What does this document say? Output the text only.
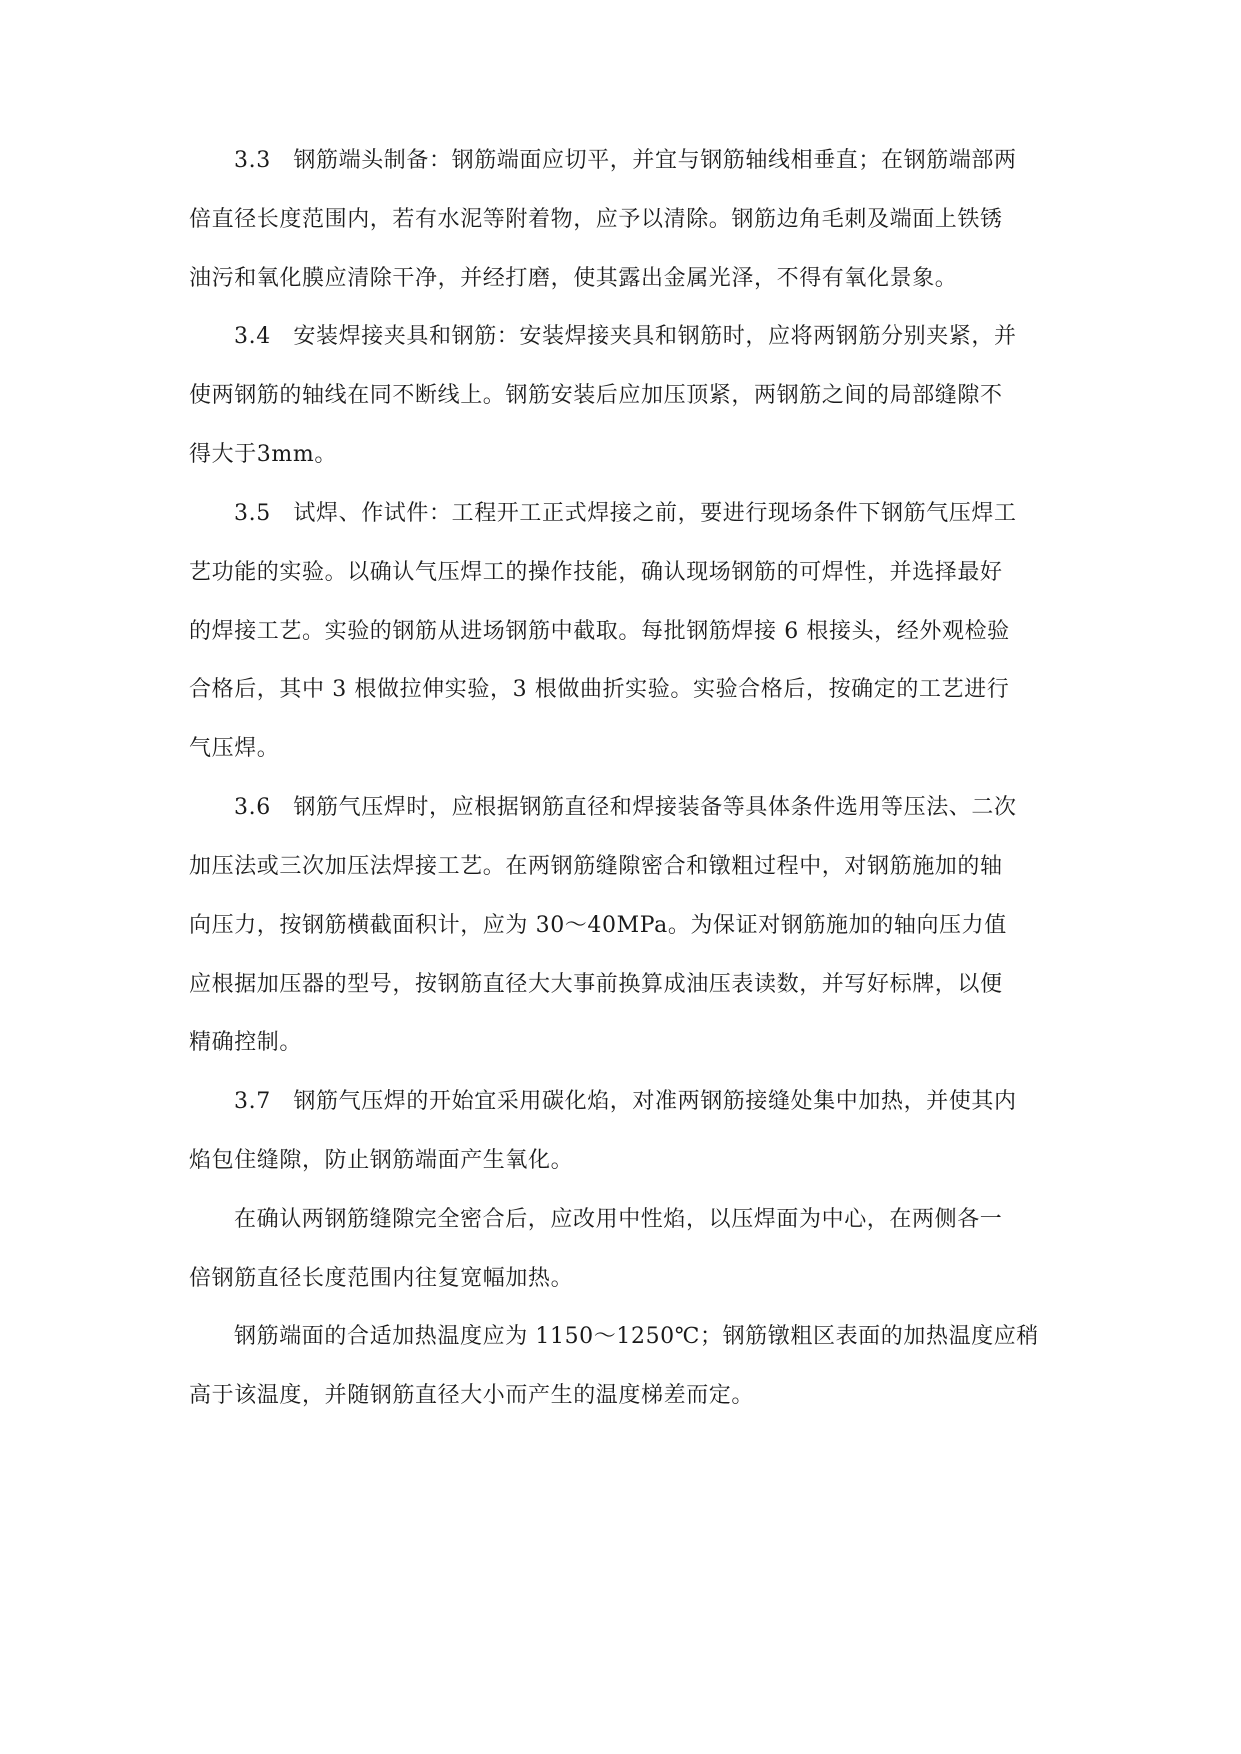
3.3　钢筋端头制备：钢筋端面应切平，并宜与钢筋轴线相垂直；在钢筋端部两
倍直径长度范围内，若有水泥等附着物，应予以清除。钢筋边角毛刺及端面上铁锈
油污和氧化膜应清除干净，并经打磨，使其露出金属光泽，不得有氧化景象。
3.4　安装焊接夹具和钢筋：安装焊接夹具和钢筋时，应将两钢筋分别夹紧，并
使两钢筋的轴线在同不断线上。钢筋安装后应加压顶紧，两钢筋之间的局部缝隙不
得大于3mm。
3.5　试焊、作试件：工程开工正式焊接之前，要进行现场条件下钢筋气压焊工
艺功能的实验。以确认气压焊工的操作技能，确认现场钢筋的可焊性，并选择最好
的焊接工艺。实验的钢筋从进场钢筋中截取。每批钢筋焊接 6 根接头，经外观检验
合格后，其中 3 根做拉伸实验，3 根做曲折实验。实验合格后，按确定的工艺进行
气压焊。
3.6　钢筋气压焊时，应根据钢筋直径和焊接装备等具体条件选用等压法、二次
加压法或三次加压法焊接工艺。在两钢筋缝隙密合和镦粗过程中，对钢筋施加的轴
向压力，按钢筋横截面积计，应为 30～40MPa。为保证对钢筋施加的轴向压力值
应根据加压器的型号，按钢筋直径大大事前换算成油压表读数，并写好标牌，以便
精确控制。
3.7　钢筋气压焊的开始宜采用碳化焰，对准两钢筋接缝处集中加热，并使其内
焰包住缝隙，防止钢筋端面产生氧化。
在确认两钢筋缝隙完全密合后，应改用中性焰，以压焊面为中心，在两侧各一
倍钢筋直径长度范围内往复宽幅加热。
钢筋端面的合适加热温度应为 1150～1250℃；钢筋镦粗区表面的加热温度应稍
高于该温度，并随钢筋直径大小而产生的温度梯差而定。
